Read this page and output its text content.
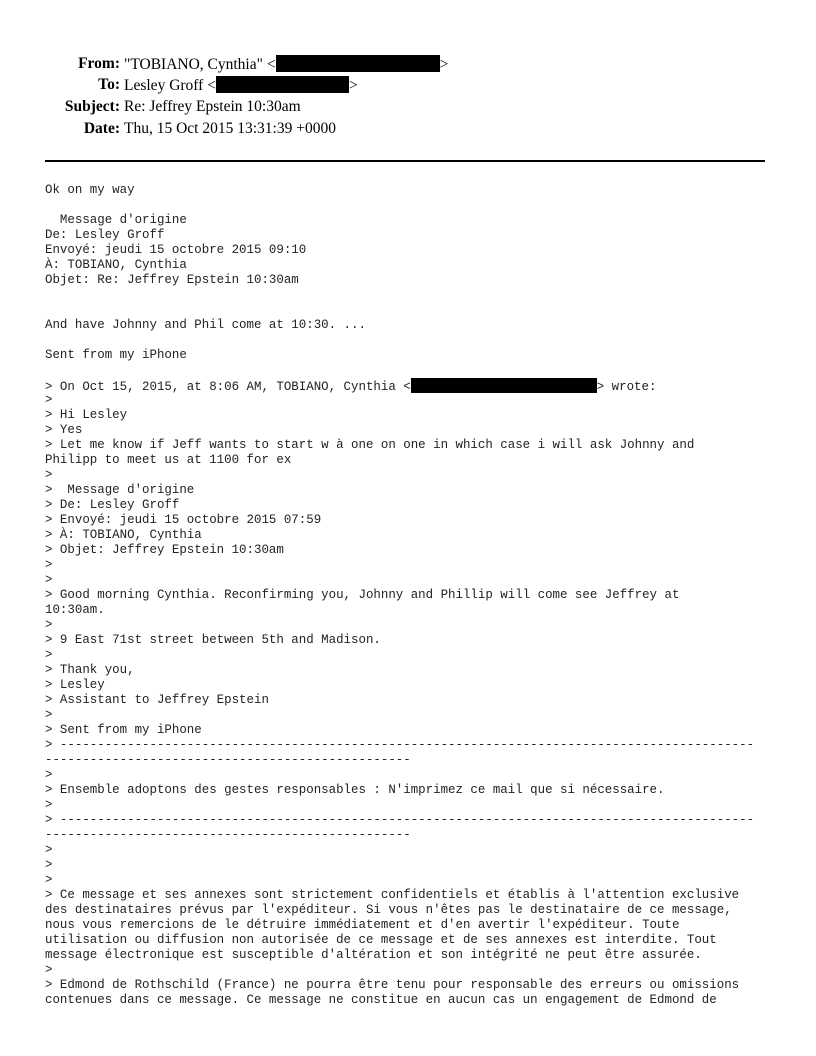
From: "TOBIANO, Cynthia" <	>
To: Lesley Groff <	>
Subject: Re: Jeffrey Epstein 10:30am
Date: Thu, 15 Oct 2015 13:31:39 +0000
Ok on my way
Message d'origine
De: Lesley Groff
Envoyé: jeudi 15 octobre 2015 09:10
À: TOBIANO, Cynthia
Objet: Re: Jeffrey Epstein 10:30am
And have Johnny and Phil come at 10:30. ...
Sent from my iPhone
> On Oct 15, 2015, at 8:06 AM, TOBIANO, Cynthia <	> wrote:
>
> Hi Lesley
> Yes
> Let me know if Jeff wants to start w à one on one in which case i will ask Johnny and
Philipp to meet us at 1100 for ex
>
>  Message d'origine
> De: Lesley Groff
> Envoyé: jeudi 15 octobre 2015 07:59
> À: TOBIANO, Cynthia
> Objet: Jeffrey Epstein 10:30am
>
>
> Good morning Cynthia. Reconfirming you, Johnny and Phillip will come see Jeffrey at
10:30am.
>
> 9 East 71st street between 5th and Madison.
>
> Thank you,
> Lesley
> Assistant to Jeffrey Epstein
>
> Sent from my iPhone
> ---------------------------------------------------------------------------------------------
-------------------------------------------------
>
> Ensemble adoptons des gestes responsables : N'imprimez ce mail que si nécessaire.
>
> ---------------------------------------------------------------------------------------------
-------------------------------------------------
>
>
>
> Ce message et ses annexes sont strictement confidentiels et établis à l'attention exclusive
des destinataires prévus par l'expéditeur. Si vous n'êtes pas le destinataire de ce message,
nous vous remercions de le détruire immédiatement et d'en avertir l'expéditeur. Toute
utilisation ou diffusion non autorisée de ce message et de ses annexes est interdite. Tout
message électronique est susceptible d'altération et son intégrité ne peut être assurée.
>
> Edmond de Rothschild (France) ne pourra être tenu pour responsable des erreurs ou omissions
contenues dans ce message. Ce message ne constitue en aucun cas un engagement de Edmond de
